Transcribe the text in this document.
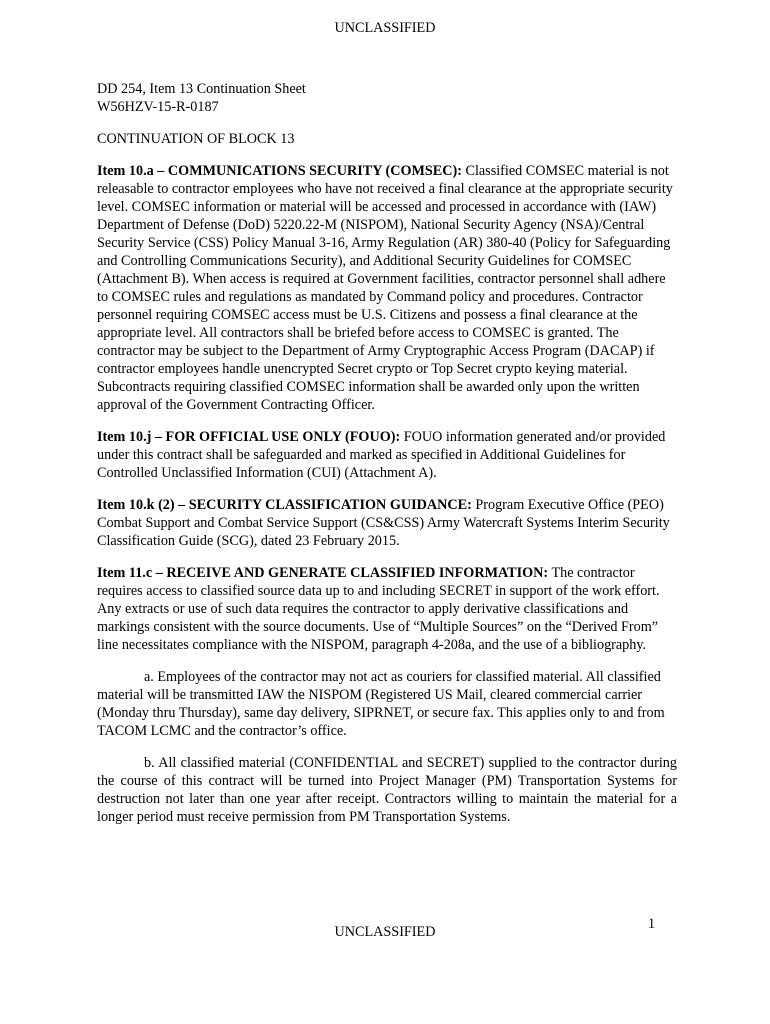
UNCLASSIFIED

DD 254, Item 13 Continuation Sheet

W56HZV-15-R-0187

CONTINUATION OF BLOCK 13

Item 10.a – COMMUNICATIONS SECURITY (COMSEC): Classified COMSEC material is not releasable to contractor employees who have not received a final clearance at the appropriate security level. COMSEC information or material will be accessed and processed in accordance with (IAW) Department of Defense (DoD) 5220.22-M (NISPOM), National Security Agency (NSA)/Central Security Service (CSS) Policy Manual 3-16, Army Regulation (AR) 380-40 (Policy for Safeguarding and Controlling Communications Security), and Additional Security Guidelines for COMSEC (Attachment B). When access is required at Government facilities, contractor personnel shall adhere to COMSEC rules and regulations as mandated by Command policy and procedures. Contractor personnel requiring COMSEC access must be U.S. Citizens and possess a final clearance at the appropriate level. All contractors shall be briefed before access to COMSEC is granted. The contractor may be subject to the Department of Army Cryptographic Access Program (DACAP) if contractor employees handle unencrypted Secret crypto or Top Secret crypto keying material. Subcontracts requiring classified COMSEC information shall be awarded only upon the written approval of the Government Contracting Officer.

Item 10.j – FOR OFFICIAL USE ONLY (FOUO): FOUO information generated and/or provided under this contract shall be safeguarded and marked as specified in Additional Guidelines for Controlled Unclassified Information (CUI) (Attachment A).

Item 10.k (2) – SECURITY CLASSIFICATION GUIDANCE: Program Executive Office (PEO) Combat Support and Combat Service Support (CS&CSS) Army Watercraft Systems Interim Security Classification Guide (SCG), dated 23 February 2015.

Item 11.c – RECEIVE AND GENERATE CLASSIFIED INFORMATION: The contractor requires access to classified source data up to and including SECRET in support of the work effort. Any extracts or use of such data requires the contractor to apply derivative classifications and markings consistent with the source documents. Use of “Multiple Sources” on the “Derived From” line necessitates compliance with the NISPOM, paragraph 4-208a, and the use of a bibliography.

a. Employees of the contractor may not act as couriers for classified material. All classified material will be transmitted IAW the NISPOM (Registered US Mail, cleared commercial carrier (Monday thru Thursday), same day delivery, SIPRNET, or secure fax. This applies only to and from TACOM LCMC and the contractor’s office.

b. All classified material (CONFIDENTIAL and SECRET) supplied to the contractor during the course of this contract will be turned into Project Manager (PM) Transportation Systems for destruction not later than one year after receipt. Contractors willing to maintain the material for a longer period must receive permission from PM Transportation Systems.

1
UNCLASSIFIED
